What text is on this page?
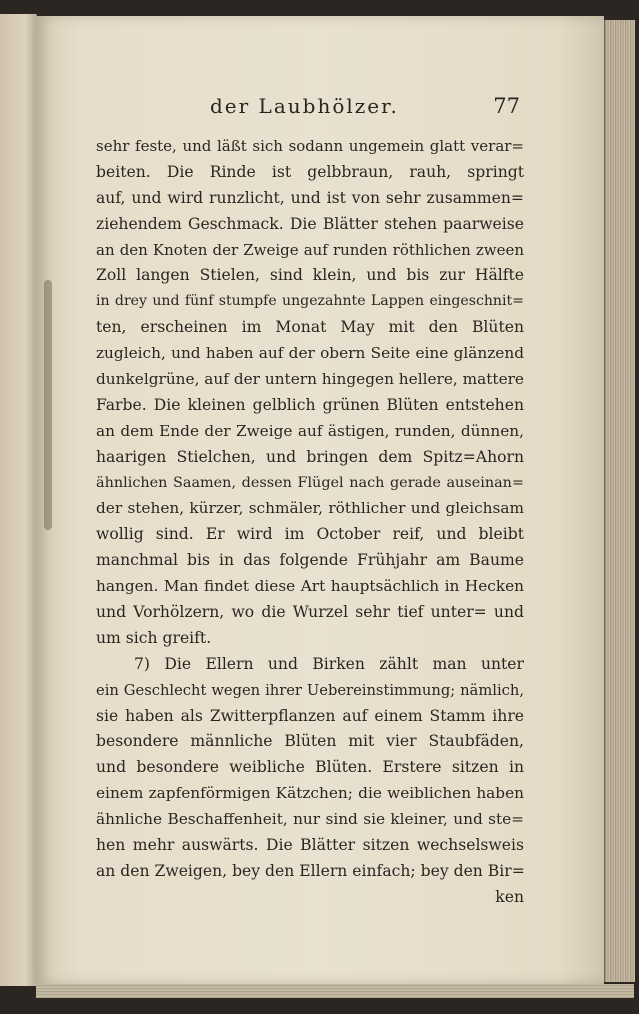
der Laubhölzer.	77
sehr feste, und läßt sich sodann ungemein glatt verar=
beiten. Die Rinde ist gelbbraun, rauh, springt
auf, und wird runzlicht, und ist von sehr zusammen=
ziehendem Geschmack. Die Blätter stehen paarweise
an den Knoten der Zweige auf runden röthlichen zween
Zoll langen Stielen, sind klein, und bis zur Hälfte
in drey und fünf stumpfe ungezahnte Lappen eingeschnit=
ten, erscheinen im Monat May mit den Blüten
zugleich, und haben auf der obern Seite eine glänzend
dunkelgrüne, auf der untern hingegen hellere, mattere
Farbe. Die kleinen gelblich grünen Blüten entstehen
an dem Ende der Zweige auf ästigen, runden, dünnen,
haarigen Stielchen, und bringen dem Spitz=Ahorn
ähnlichen Saamen, dessen Flügel nach gerade auseinan=
der stehen, kürzer, schmäler, röthlicher und gleichsam
wollig sind. Er wird im October reif, und bleibt
manchmal bis in das folgende Frühjahr am Baume
hangen. Man findet diese Art hauptsächlich in Hecken
und Vorhölzern, wo die Wurzel sehr tief unter= und
um sich greift.
7) Die Ellern und Birken zählt man unter
ein Geschlecht wegen ihrer Uebereinstimmung; nämlich,
sie haben als Zwitterpflanzen auf einem Stamm ihre
besondere männliche Blüten mit vier Staubfäden,
und besondere weibliche Blüten. Erstere sitzen in
einem zapfenförmigen Kätzchen; die weiblichen haben
ähnliche Beschaffenheit, nur sind sie kleiner, und ste=
hen mehr auswärts. Die Blätter sitzen wechselsweis
an den Zweigen, bey den Ellern einfach; bey den Bir=
ken
